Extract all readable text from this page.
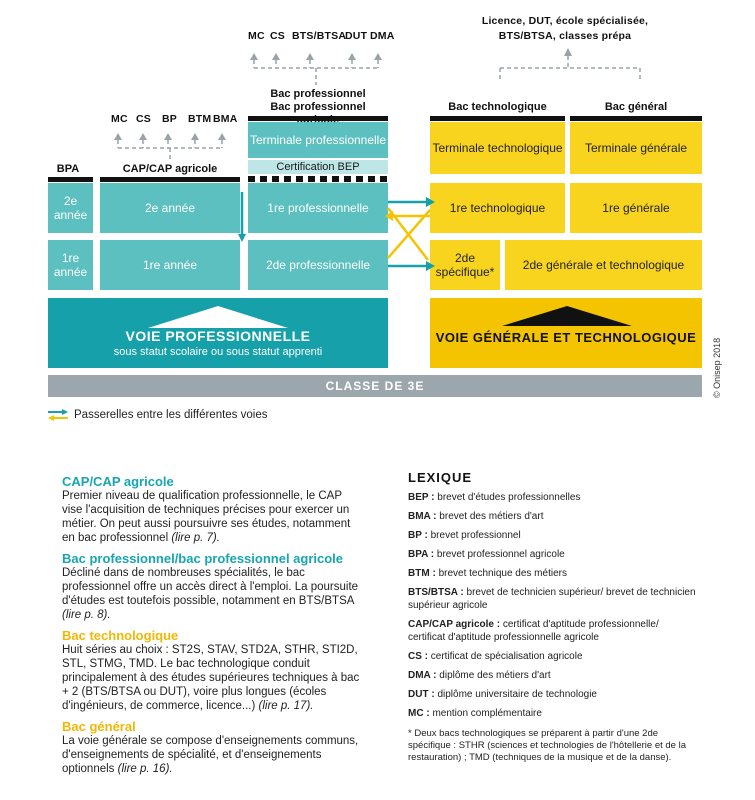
MC CS BTS/BTSA
DUT DMA
Licence, DUT, école spécialisée, BTS/BTSA, classes prépa
MC CS BP BTM BMA
BPA	CAP/CAP agricole
Bac professionnel
Bac professionnel	Bac technologique	Bac général
2e année
1re année
2e année
1re année
Terminale professionnelle
Certification BEP
1re professionnelle
2de professionnelle
Terminale technologique Terminale générale
1re technologique	1re générale
2de spécifique*	2de générale et technologique
VOIE PROFESSIONNELLE
sous statut scolaire ou sous statut apprenti
VOIE GÉNÉRALE ET TECHNOLOGIQUE
© Onisep 2018
CLASSE DE 3E
Passerelles entre les différentes voies
CAP/CAP agricole
Premier niveau de qualification professionnelle, le CAP vise l'acquisition de techniques précises pour exercer un métier. On peut aussi poursuivre ses études, notamment en bac professionnel (lire p. 7).
Bac professionnel/bac professionnel agricole
Décliné dans de nombreuses spécialités, le bac professionnel offre un accès direct à l'emploi. La poursuite d'études est toutefois possible, notamment en BTS/BTSA (lire p. 8).
Bac technologique
Huit séries au choix : ST2S, STAV, STD2A, STHR, STI2D, STL, STMG, TMD. Le bac technologique conduit principalement à des études supérieures techniques à bac + 2 (BTS/BTSA ou DUT), voire plus longues (écoles d'ingénieurs, de commerce, licence...) (lire p. 17).
Bac général
La voie générale se compose d'enseignements communs, d'enseignements de spécialité, et d'enseignements optionnels (lire p. 16).
LEXIQUE
BEP : brevet d'études professionnelles
BMA : brevet des métiers d'art
BP : brevet professionnel
BPA : brevet professionnel agricole
BTM : brevet technique des métiers
BTS/BTSA : brevet de technicien supérieur/ brevet de technicien supérieur agricole
CAP/CAP agricole : certificat d'aptitude professionnelle/ certificat d'aptitude professionnelle agricole
CS : certificat de spécialisation agricole
DMA : diplôme des métiers d'art
DUT : diplôme universitaire de technologie
MC : mention complémentaire
* Deux bacs technologiques se préparent à partir d'une 2de spécifique : STHR (sciences et technologies de l'hôtellerie et de la restauration) ; TMD (techniques de la musique et de la danse).
